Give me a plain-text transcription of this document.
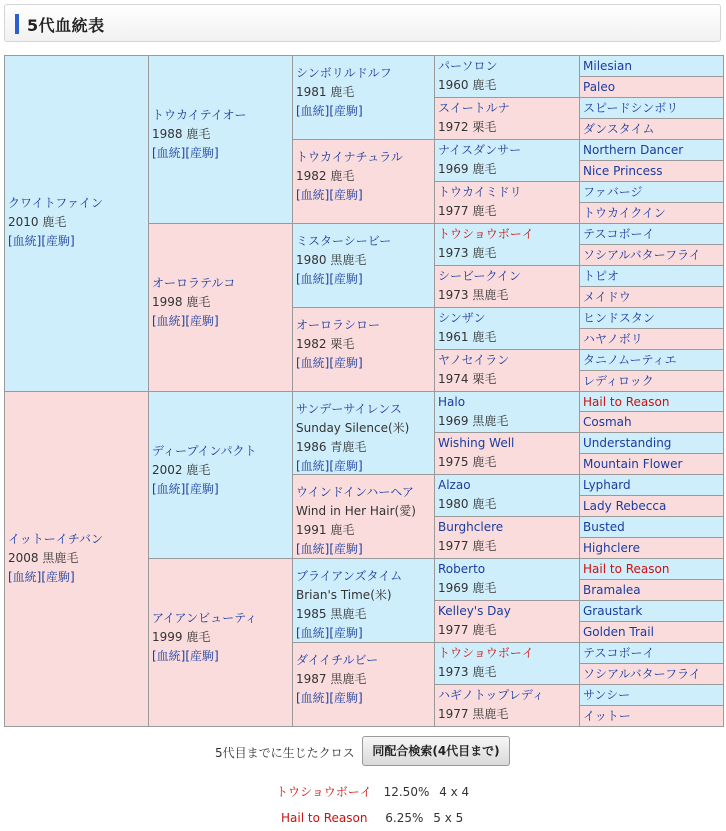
5代血統表
クワイトファイン
2010 鹿毛
[血統][産駒]
イットーイチバン
2008 黒鹿毛
[血統][産駒]
トウカイテイオー
1988 鹿毛
[血統][産駒]
オーロラテルコ
1998 鹿毛
[血統][産駒]
ディープインパクト
2002 鹿毛
[血統][産駒]
アイアンビューティ
1999 鹿毛
[血統][産駒]
シンボリルドルフ
1981 鹿毛
[血統][産駒]
トウカイナチュラル
1982 鹿毛
[血統][産駒]
ミスターシービー
1980 黒鹿毛
[血統][産駒]
オーロラシロー
1982 栗毛
[血統][産駒]
サンデーサイレンス
Sunday Silence(米)
1986 青鹿毛
[血統][産駒]
ウインドインハーヘア
Wind in Her Hair(愛)
1991 鹿毛
[血統][産駒]
ブライアンズタイム
Brian's Time(米)
1985 黒鹿毛
[血統][産駒]
ダイイチルビー
1987 黒鹿毛
[血統][産駒]
パーソロン
1960 鹿毛
スイートルナ
1972 栗毛
ナイスダンサー
1969 鹿毛
トウカイミドリ
1977 鹿毛
トウショウボーイ
1973 鹿毛
シービークイン
1973 黒鹿毛
シンザン
1961 鹿毛
ヤノセイラン
1974 栗毛
Halo
1969 黒鹿毛
Wishing Well
1975 鹿毛
Alzao
1980 鹿毛
Burghclere
1977 鹿毛
Roberto
1969 鹿毛
Kelley's Day
1977 鹿毛
トウショウボーイ
1973 鹿毛
ハギノトップレディ
1977 黒鹿毛
Milesian
Paleo
スピードシンボリ
ダンスタイム
Northern Dancer
Nice Princess
ファバージ
トウカイクイン
テスコボーイ
ソシアルバターフライ
トピオ
メイドウ
ヒンドスタン
ハヤノボリ
タニノムーティエ
レディロック
Hail to Reason
Cosmah
Understanding
Mountain Flower
Lyphard
Lady Rebecca
Busted
Highclere
Hail to Reason
Bramalea
Graustark
Golden Trail
テスコボーイ
ソシアルバターフライ
サンシー
イットー
5代目までに生じたクロス	同配合検索(4代目まで)
トウショウボーイ 12.50% 4 x 4
Hail to Reason 6.25% 5 x 5
